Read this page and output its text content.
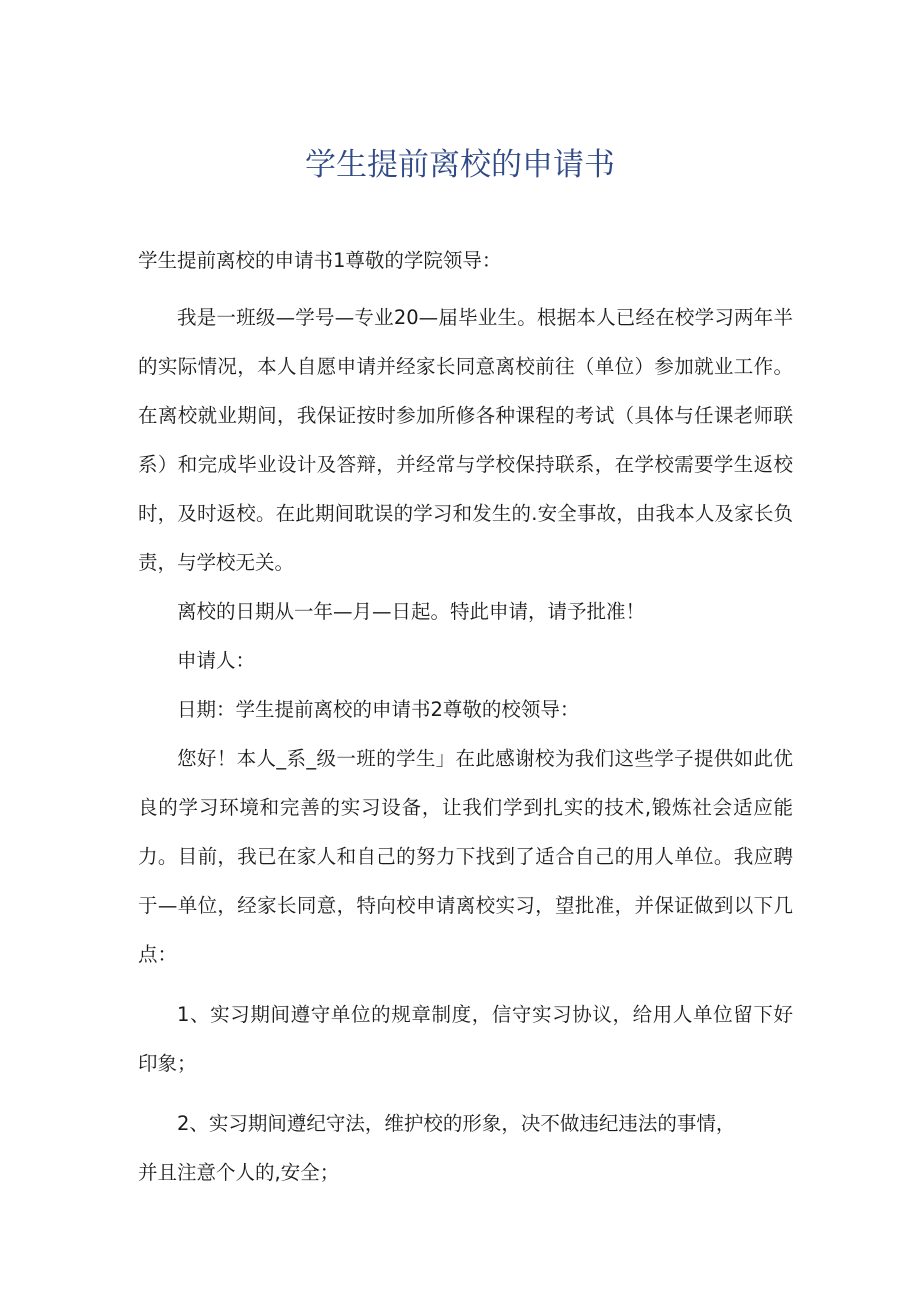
学生提前离校的申请书

学生提前离校的申请书1尊敬的学院领导：

我是一班级—学号—专业20—届毕业生。根据本人已经在校学习两年半的实际情况，本人自愿申请并经家长同意离校前往（单位）参加就业工作。在离校就业期间，我保证按时参加所修各种课程的考试（具体与任课老师联系）和完成毕业设计及答辩，并经常与学校保持联系，在学校需要学生返校时，及时返校。在此期间耽误的学习和发生的.安全事故，由我本人及家长负责，与学校无关。

离校的日期从一年—月—日起。特此申请，请予批准！

申请人：

日期：学生提前离校的申请书2尊敬的校领导：

您好！本人_系_级一班的学生」在此感谢校为我们这些学子提供如此优良的学习环境和完善的实习设备，让我们学到扎实的技术,锻炼社会适应能力。目前，我已在家人和自己的努力下找到了适合自己的用人单位。我应聘于—单位，经家长同意，特向校申请离校实习，望批准，并保证做到以下几点：

1、实习期间遵守单位的规章制度，信守实习协议，给用人单位留下好印象；

2、实习期间遵纪守法，维护校的形象，决不做违纪违法的事情，

并且注意个人的,安全；
